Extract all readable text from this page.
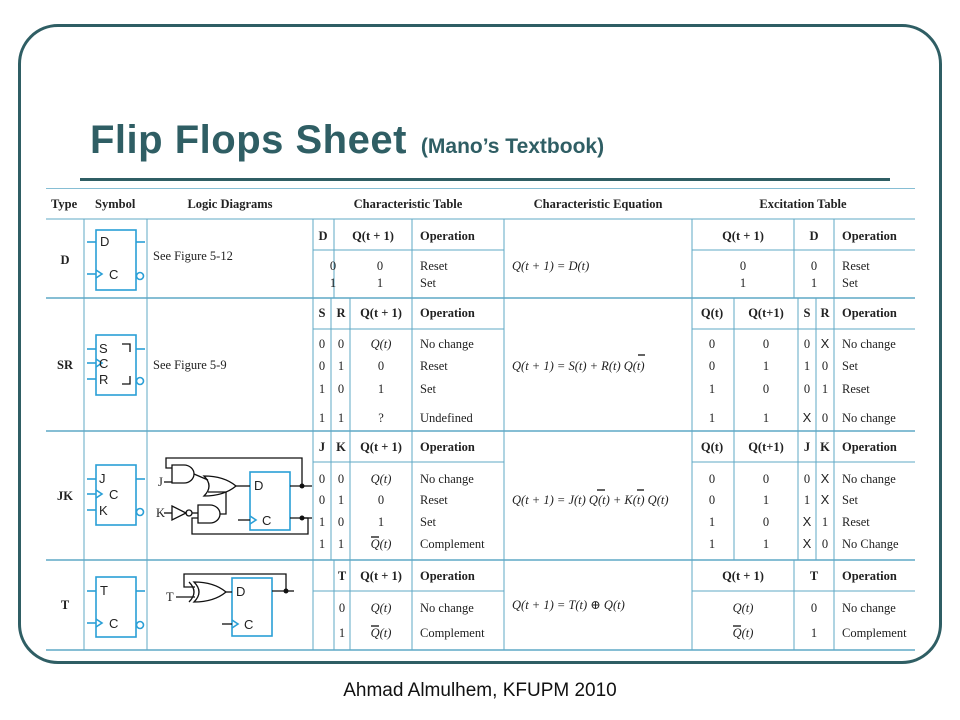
Flip Flops Sheet (Mano’s Textbook)
Type Symbol	Logic Diagrams	Characteristic Table	Characteristic Equation	Excitation Table
D
D
C
See Figure 5-12
D Q(t + 1) Operation
0	0	Reset
1	1	Set
Q(t + 1) = D(t)
Q(t + 1)	D Operation
0	0 Reset
1	1 Set
SR
S
C
R
See Figure 5-9
S R Q(t + 1) Operation
0 0 Q(t) No change
0 1	0	Reset
1 0	1	Set
1 1	?	Undefined
Q(t + 1) = S(t) + R(t) Q(t)
Q(t) Q(t+1) S R Operation
0	0	0 X No change
0	1	1 0 Set
1	0	0 1 Reset
1	1	X 0 No change
JK
J
C
K
J
K
D
C
J K Q(t + 1) Operation
0 0 Q(t) No change
0 1	0	Reset
1 0	1	Set
1 1 Q(t) Complement
Q(t + 1) = J(t) Q(t) + K(t) Q(t)
Q(t) Q(t+1) J K Operation
0	0	0 X No change
0	1	1 X Set
1	0	X 1 Reset
1	1	X 0 No Change
T
T
C
T	D
C
T Q(t + 1) Operation
0 Q(t) No change
1 Q(t) Complement
Q(t + 1) = T(t) ⊕ Q(t)
Q(t + 1)	T Operation
Q(t)	0 No change
Q(t)	1 Complement
Ahmad Almulhem, KFUPM 2010
